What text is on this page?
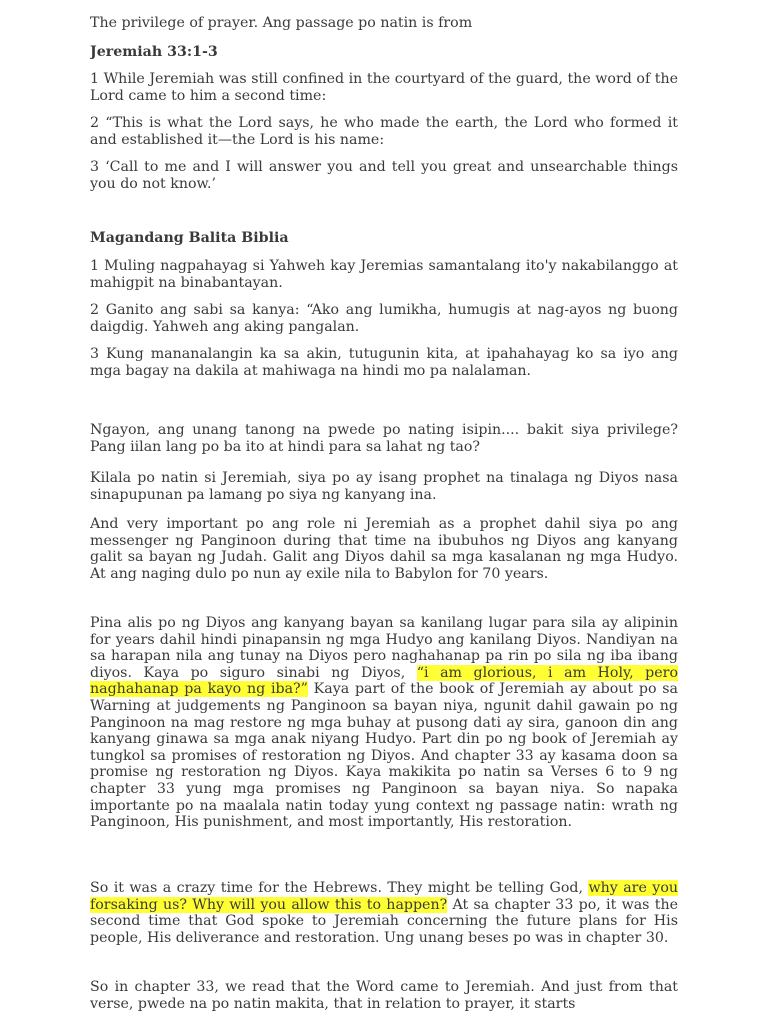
The privilege of prayer. Ang passage po natin is from

Jeremiah 33:1-3

1 While Jeremiah was still confined in the courtyard of the guard, the word of the Lord came to him a second time:

2 “This is what the Lord says, he who made the earth, the Lord who formed it and established it—the Lord is his name:

3 ‘Call to me and I will answer you and tell you great and unsearchable things you do not know.’

Magandang Balita Biblia

1 Muling nagpahayag si Yahweh kay Jeremias samantalang ito'y nakabilanggo at mahigpit na binabantayan.

2 Ganito ang sabi sa kanya: “Ako ang lumikha, humugis at nag-ayos ng buong daigdig. Yahweh ang aking pangalan.

3 Kung mananalangin ka sa akin, tutugunin kita, at ipahahayag ko sa iyo ang mga bagay na dakila at mahiwaga na hindi mo pa nalalaman.

Ngayon, ang unang tanong na pwede po nating isipin.... bakit siya privilege? Pang iilan lang po ba ito at hindi para sa lahat ng tao?

Kilala po natin si Jeremiah, siya po ay isang prophet na tinalaga ng Diyos nasa sinapupunan pa lamang po siya ng kanyang ina.

And very important po ang role ni Jeremiah as a prophet dahil siya po ang messenger ng Panginoon during that time na ibubuhos ng Diyos ang kanyang galit sa bayan ng Judah. Galit ang Diyos dahil sa mga kasalanan ng mga Hudyo. At ang naging dulo po nun ay exile nila to Babylon for 70 years.

Pina alis po ng Diyos ang kanyang bayan sa kanilang lugar para sila ay alipinin for years dahil hindi pinapansin ng mga Hudyo ang kanilang Diyos. Nandiyan na sa harapan nila ang tunay na Diyos pero naghahanap pa rin po sila ng iba ibang diyos. Kaya po siguro sinabi ng Diyos, “i am glorious, i am Holy, pero naghahanap pa kayo ng iba?” Kaya part of the book of Jeremiah ay about po sa Warning at judgements ng Panginoon sa bayan niya, ngunit dahil gawain po ng Panginoon na mag restore ng mga buhay at pusong dati ay sira, ganoon din ang kanyang ginawa sa mga anak niyang Hudyo. Part din po ng book of Jeremiah ay tungkol sa promises of restoration ng Diyos. And chapter 33 ay kasama doon sa promise ng restoration ng Diyos. Kaya makikita po natin sa Verses 6 to 9 ng chapter 33 yung mga promises ng Panginoon sa bayan niya. So napaka importante po na maalala natin today yung context ng passage natin: wrath ng Panginoon, His punishment, and most importantly, His restoration.

So it was a crazy time for the Hebrews. They might be telling God, why are you forsaking us? Why will you allow this to happen? At sa chapter 33 po, it was the second time that God spoke to Jeremiah concerning the future plans for His people, His deliverance and restoration. Ung unang beses po was in chapter 30.

So in chapter 33, we read that the Word came to Jeremiah. And just from that verse, pwede na po natin makita, that in relation to prayer, it starts
